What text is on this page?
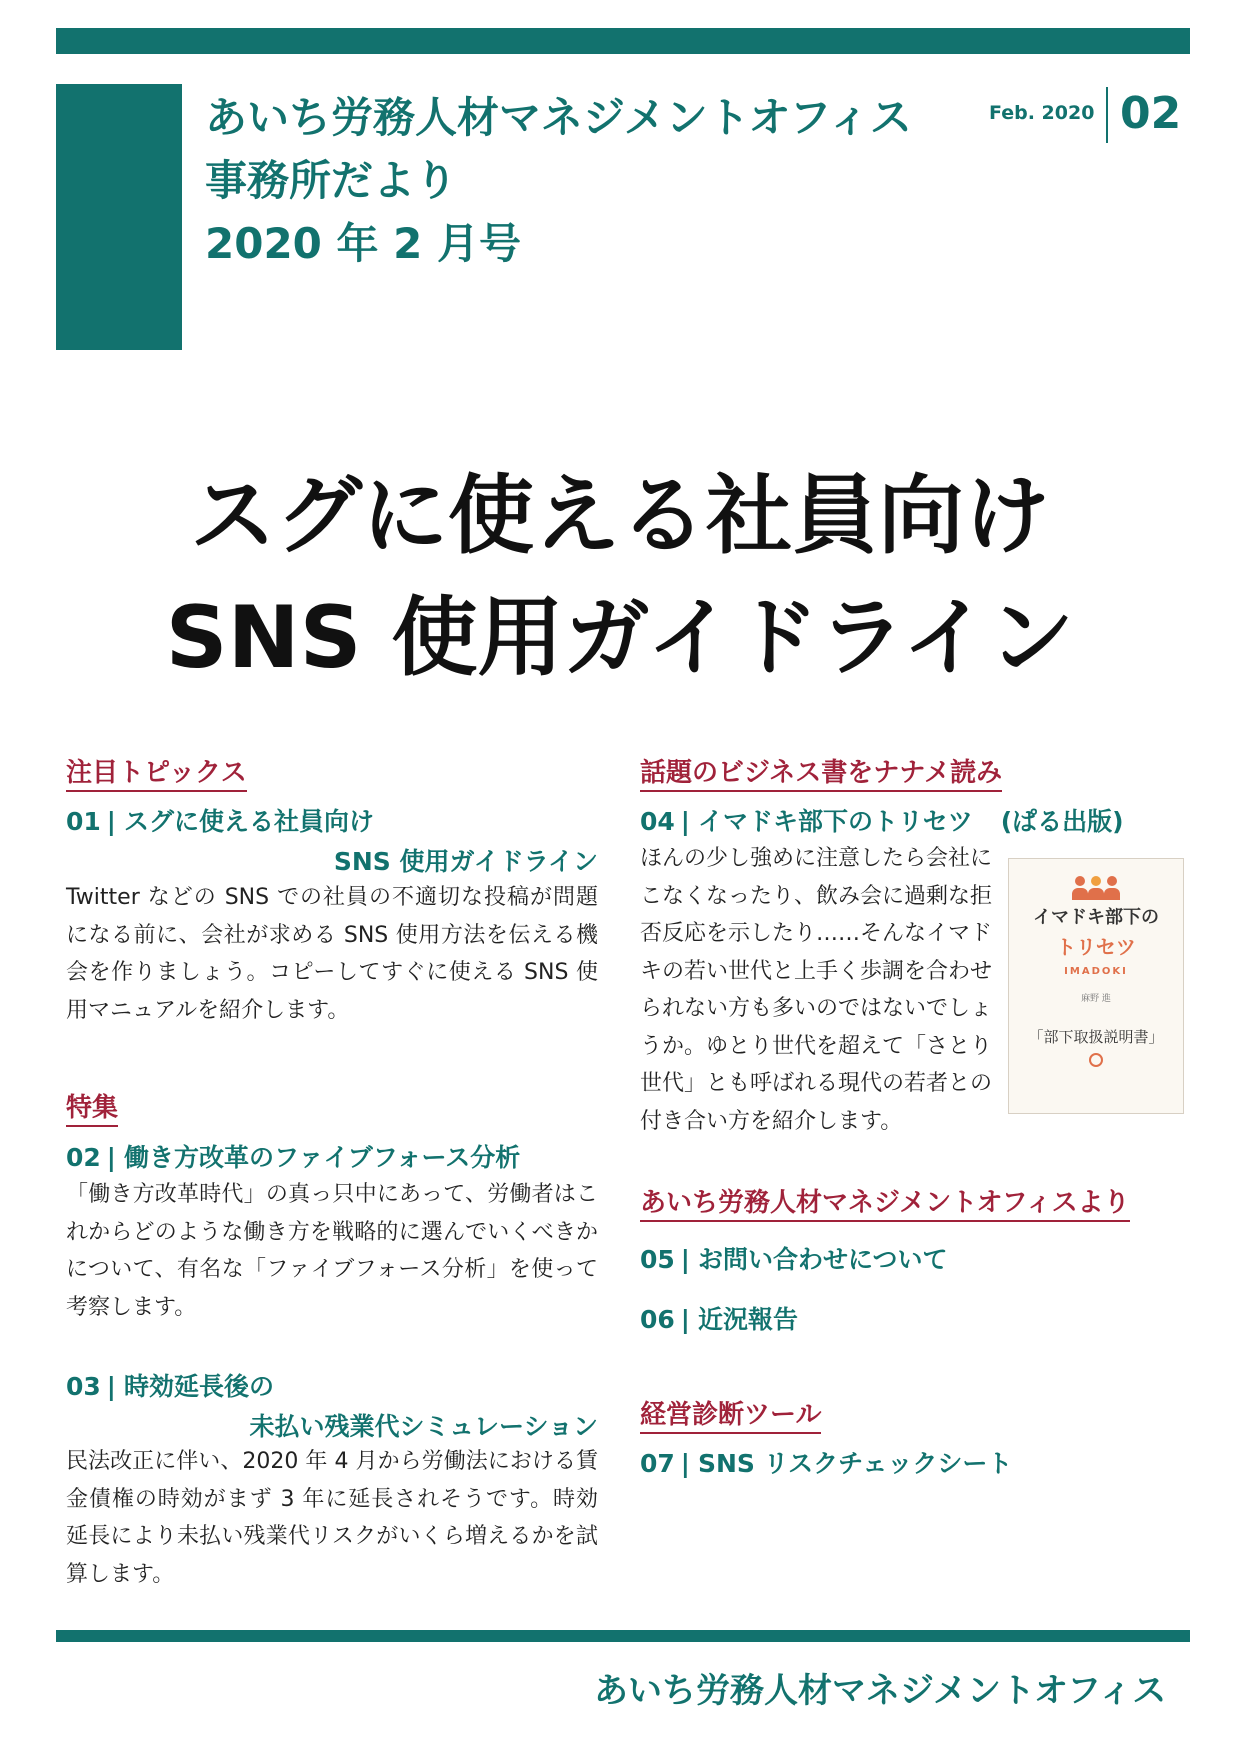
あいち労務人材マネジメントオフィス
事務所だより
2020 年 2 月号
Feb. 2020 02
スグに使える社員向け
SNS 使用ガイドライン
注目トピックス
01 | スグに使える社員向け
SNS 使用ガイドライン
Twitter などの SNS での社員の不適切な投稿が問題になる前に、会社が求める SNS 使用方法を伝える機会を作りましょう。コピーしてすぐに使える SNS 使用マニュアルを紹介します。
特集
02 | 働き方改革のファイブフォース分析
「働き方改革時代」の真っ只中にあって、労働者はこれからどのような働き方を戦略的に選んでいくべきかについて、有名な「ファイブフォース分析」を使って考察します。
03 | 時効延長後の
未払い残業代シミュレーション
民法改正に伴い、2020 年 4 月から労働法における賃金債権の時効がまず 3 年に延長されそうです。時効延長により未払い残業代リスクがいくら増えるかを試算します。
話題のビジネス書をナナメ読み
04 | イマドキ部下のトリセツ (ぱる出版)
ほんの少し強めに注意したら会社にこなくなったり、飲み会に過剰な拒否反応を示したり……そんなイマドキの若い世代と上手く歩調を合わせられない方も多いのではないでしょうか。ゆとり世代を超えて「さとり世代」とも呼ばれる現代の若者との付き合い方を紹介します。
イマドキ部下の
トリセツ
IMADOKI
麻野 進
「部下取扱説明書」
あいち労務人材マネジメントオフィスより
05 | お問い合わせについて
06 | 近況報告
経営診断ツール
07 | SNS リスクチェックシート
あいち労務人材マネジメントオフィス
